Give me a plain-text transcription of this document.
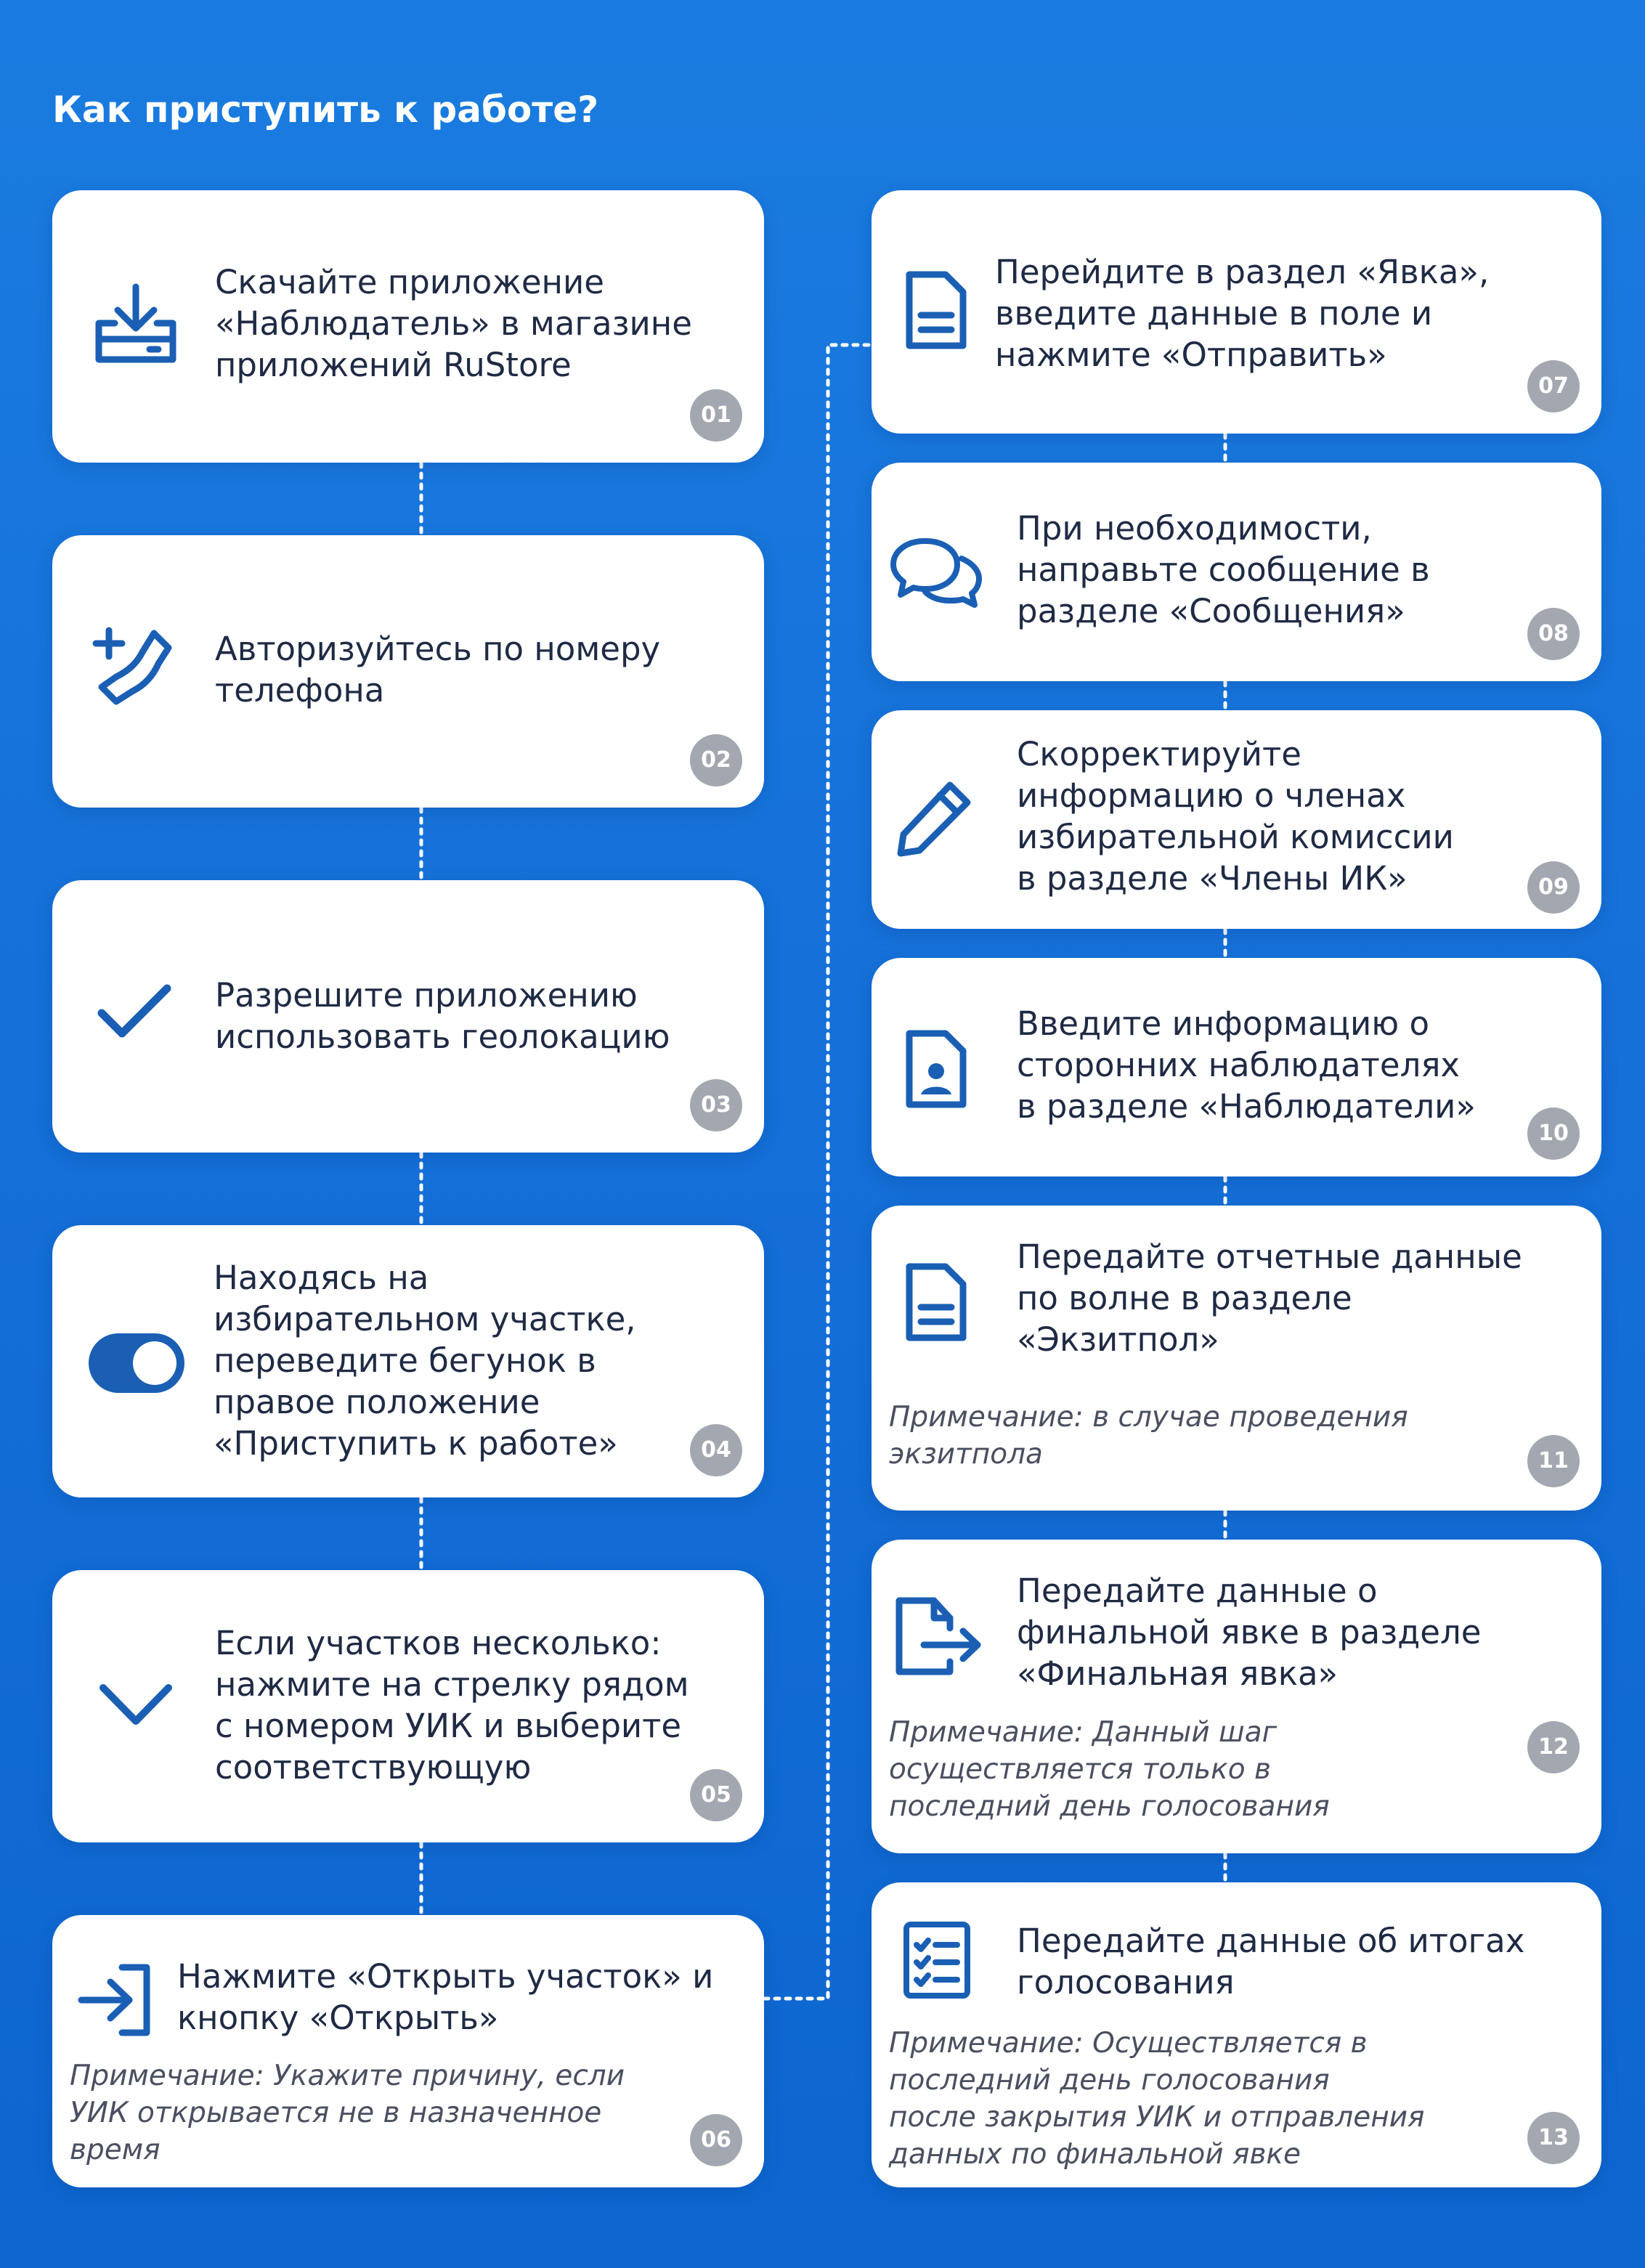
Как приступить к работе?
Скачайте приложение
«Наблюдатель» в магазине
приложений RuStore
01
Авторизуйтесь по номеру
телефона
02
Разрешите приложению
использовать геолокацию
03
Находясь на
избирательном участке,
переведите бегунок в
правое положение
«Приступить к работе»	04
Если участков несколько:
нажмите на стрелку рядом
с номером УИК и выберите
соответствующую
05
Нажмите «Открыть участок» и
кнопку «Открыть»
Примечание: Укажите причину, если
УИК открывается не в назначенное
время	06
Перейдите в раздел «Явка»,
введите данные в поле и
нажмите «Отправить»
07
При необходимости,
направьте сообщение в
разделе «Сообщения»
08
Скорректируйте
информацию о членах
избирательной комиссии
в разделе «Члены ИК»	09
Введите информацию о
сторонних наблюдателях
в разделе «Наблюдатели»
10
Передайте отчетные данные
по волне в разделе
«Экзитпол»
Примечание: в случае проведения
экзитпола	11
Передайте данные о
финальной явке в разделе
«Финальная явка»
Примечание: Данный шаг
осуществляется только в
последний день голосования
12
Передайте данные об итогах
голосования
Примечание: Осуществляется в
последний день голосования
после закрытия УИК и отправления
данных по финальной явке
13
